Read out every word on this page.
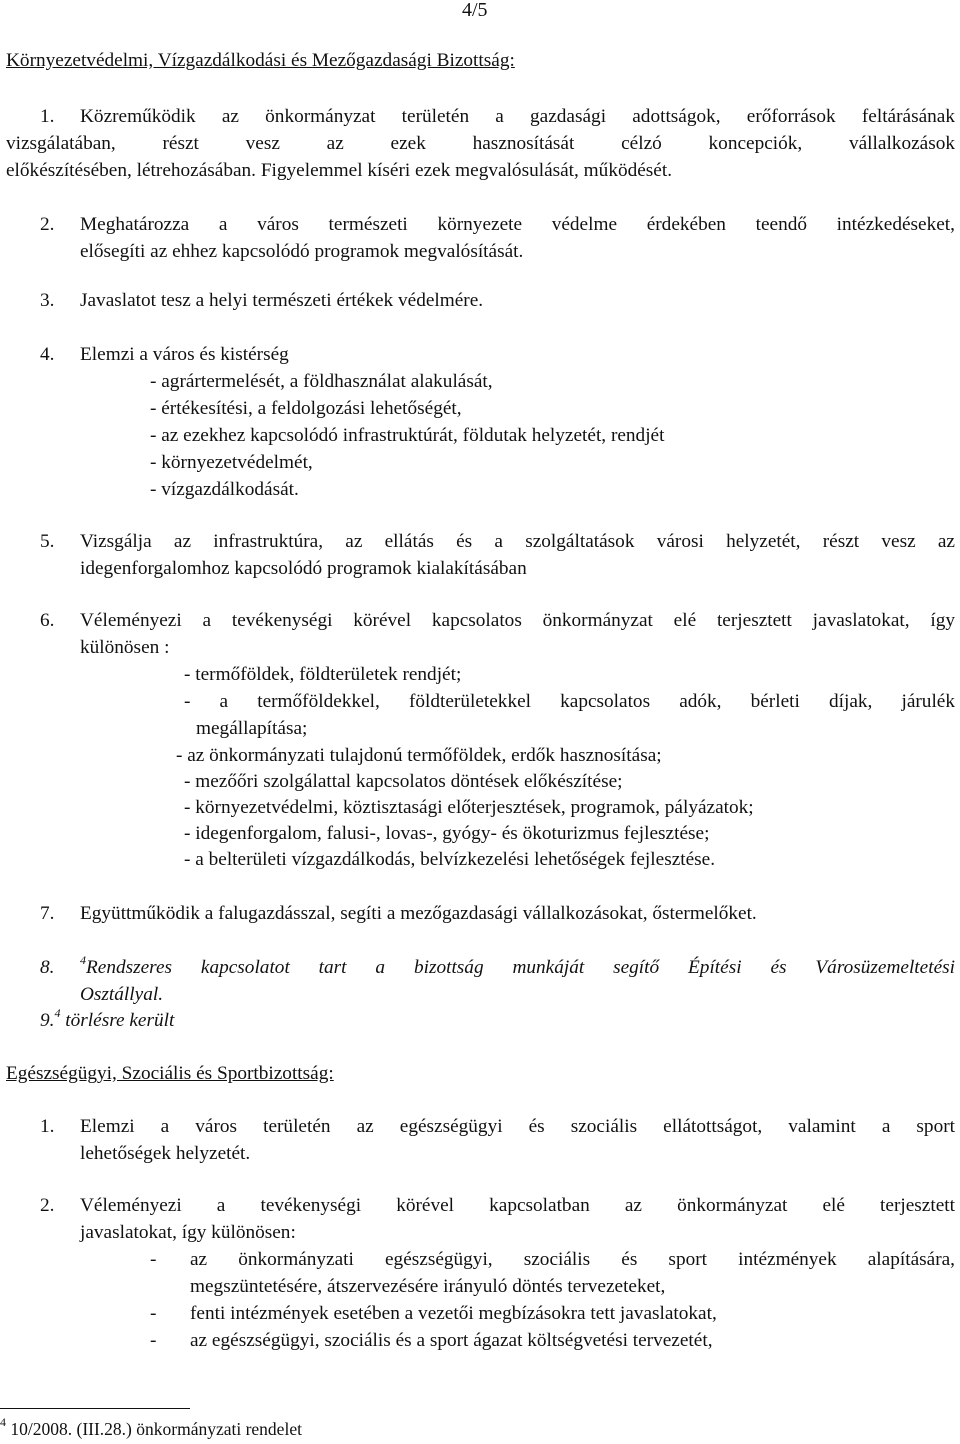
4/5
Környezetvédelmi, Vízgazdálkodási és Mezőgazdasági Bizottság:
1. Közreműködik az önkormányzat területén a gazdasági adottságok, erőforrások feltárásának
vizsgálatában, részt vesz az ezek hasznosítását célzó koncepciók, vállalkozások
előkészítésében, létrehozásában. Figyelemmel kíséri ezek megvalósulását, működését.
2. Meghatározza a város természeti környezete védelme érdekében teendő intézkedéseket,
elősegíti az ehhez kapcsolódó programok megvalósítását.
3. Javaslatot tesz a helyi természeti értékek védelmére.
4. Elemzi a város és kistérség
- agrártermelését, a földhasználat alakulását,
- értékesítési, a feldolgozási lehetőségét,
- az ezekhez kapcsolódó infrastruktúrát, földutak helyzetét, rendjét
- környezetvédelmét,
- vízgazdálkodását.
5. Vizsgálja az infrastruktúra, az ellátás és a szolgáltatások városi helyzetét, részt vesz az
idegenforgalomhoz kapcsolódó programok kialakításában
6. Véleményezi a tevékenységi körével kapcsolatos önkormányzat elé terjesztett javaslatokat, így
különösen :
- termőföldek, földterületek rendjét;
- a termőföldekkel, földterületekkel kapcsolatos adók, bérleti díjak, járulék
megállapítása;
- az önkormányzati tulajdonú termőföldek, erdők hasznosítása;
- mezőőri szolgálattal kapcsolatos döntések előkészítése;
- környezetvédelmi, köztisztasági előterjesztések, programok, pályázatok;
- idegenforgalom, falusi-, lovas-, gyógy- és ökoturizmus fejlesztése;
- a belterületi vízgazdálkodás, belvízkezelési lehetőségek fejlesztése.
7. Együttműködik a falugazdásszal, segíti a mezőgazdasági vállalkozásokat, őstermelőket.
8. $^4$Rendszeres kapcsolatot tart a bizottság munkáját segítő Építési és Városüzemeltetési
Osztállyal.
9.$^4$ törlésre került
Egészségügyi, Szociális és Sportbizottság:
1. Elemzi a város területén az egészségügyi és szociális ellátottságot, valamint a sport
lehetőségek helyzetét.
2. Véleményezi a tevékenységi körével kapcsolatban az önkormányzat elé terjesztett
javaslatokat, így különösen:
- az önkormányzati egészségügyi, szociális és sport intézmények alapítására,
megszüntetésére, átszervezésére irányuló döntés tervezeteket,
- fenti intézmények esetében a vezetői megbízásokra tett javaslatokat,
- az egészségügyi, szociális és a sport ágazat költségvetési tervezetét,
$^4$ 10/2008. (III.28.) önkormányzati rendelet
